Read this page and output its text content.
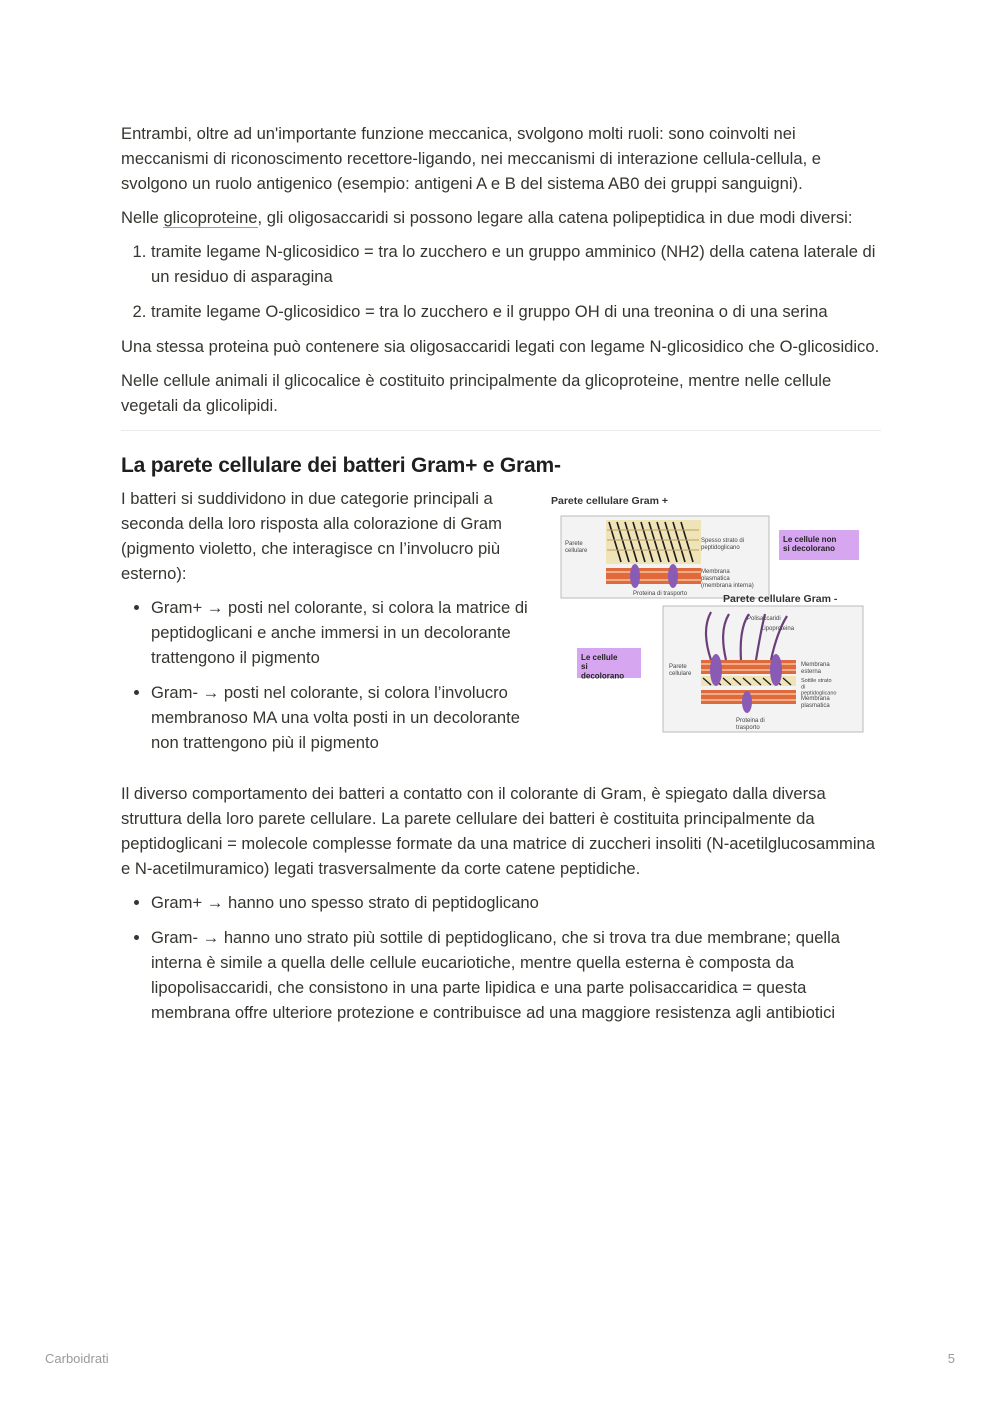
Entrambi, oltre ad un'importante funzione meccanica, svolgono molti ruoli: sono coinvolti nei meccanismi di riconoscimento recettore-ligando, nei meccanismi di interazione cellula-cellula, e svolgono un ruolo antigenico (esempio: antigeni A e B del sistema AB0 dei gruppi sanguigni).

Nelle glicoproteine, gli oligosaccaridi si possono legare alla catena polipeptidica in due modi diversi:

1. tramite legame N-glicosidico = tra lo zucchero e un gruppo amminico (NH2) della catena laterale di un residuo di asparagina
2. tramite legame O-glicosidico = tra lo zucchero e il gruppo OH di una treonina o di una serina

Una stessa proteina può contenere sia oligosaccaridi legati con legame N-glicosidico che O-glicosidico.

Nelle cellule animali il glicocalice è costituito principalmente da glicoproteine, mentre nelle cellule vegetali da glicolipidi.

La parete cellulare dei batteri Gram+ e Gram-

I batteri si suddividono in due categorie principali a seconda della loro risposta alla colorazione di Gram (pigmento violetto, che interagisce cn l’involucro più esterno):

• Gram+ → posti nel colorante, si colora la matrice di peptidoglicani e anche immersi in un decolorante trattengono il pigmento
• Gram- → posti nel colorante, si colora l’involucro membranoso MA una volta posti in un decolorante non trattengono più il pigmento
Parete cellulare Gram +
Parete cellulare
Spesso strato di peptidoglicano
Membrana plasmatica (membrana interna)
Proteina di trasporto
Le cellule non si decolorano
Parete cellulare Gram -
Polisaccaridi
Lipoproteina
Parete cellulare
Membrana esterna
Sottile strato di peptidoglicano
Membrana plasmatica
Proteina di trasporto
Le cellule si decolorano

Il diverso comportamento dei batteri a contatto con il colorante di Gram, è spiegato dalla diversa struttura della loro parete cellulare. La parete cellulare dei batteri è costituita principalmente da peptidoglicani = molecole complesse formate da una matrice di zuccheri insoliti (N-acetilglucosammina e N-acetilmuramico) legati trasversalmente da corte catene peptidiche.

• Gram+ → hanno uno spesso strato di peptidoglicano
• Gram- → hanno uno strato più sottile di peptidoglicano, che si trova tra due membrane; quella interna è simile a quella delle cellule eucariotiche, mentre quella esterna è composta da lipopolisaccaridi, che consistono in una parte lipidica e una parte polisaccaridica = questa membrana offre ulteriore protezione e contribuisce ad una maggiore resistenza agli antibiotici
Carboidrati	5
